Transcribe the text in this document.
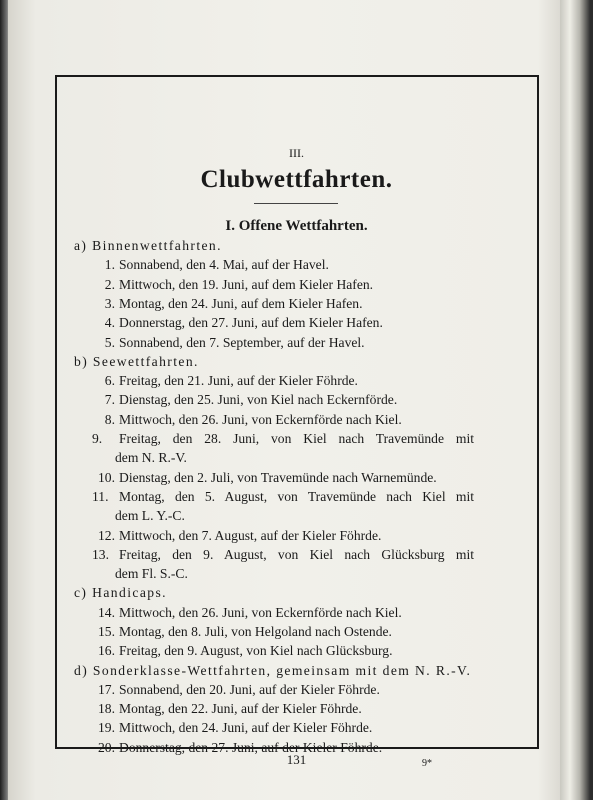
III.
Clubwettfahrten.
I. Offene Wettfahrten.
a) Binnenwettfahrten.
1. Sonnabend, den 4. Mai, auf der Havel.
2. Mittwoch, den 19. Juni, auf dem Kieler Hafen.
3. Montag, den 24. Juni, auf dem Kieler Hafen.
4. Donnerstag, den 27. Juni, auf dem Kieler Hafen.
5. Sonnabend, den 7. September, auf der Havel.
b) Seewettfahrten.
6. Freitag, den 21. Juni, auf der Kieler Föhrde.
7. Dienstag, den 25. Juni, von Kiel nach Eckernförde.
8. Mittwoch, den 26. Juni, von Eckernförde nach Kiel.
9. Freitag, den 28. Juni, von Kiel nach Travemünde mit
dem N. R.-V.
10. Dienstag, den 2. Juli, von Travemünde nach Warnemünde.
11. Montag, den 5. August, von Travemünde nach Kiel mit
dem L. Y.-C.
12. Mittwoch, den 7. August, auf der Kieler Föhrde.
13. Freitag, den 9. August, von Kiel nach Glücksburg mit
dem Fl. S.-C.
c) Handicaps.
14. Mittwoch, den 26. Juni, von Eckernförde nach Kiel.
15. Montag, den 8. Juli, von Helgoland nach Ostende.
16. Freitag, den 9. August, von Kiel nach Glücksburg.
d) Sonderklasse-Wettfahrten, gemeinsam mit dem N. R.-V.
17. Sonnabend, den 20. Juni, auf der Kieler Föhrde.
18. Montag, den 22. Juni, auf der Kieler Föhrde.
19. Mittwoch, den 24. Juni, auf der Kieler Föhrde.
20. Donnerstag, den 27. Juni, auf der Kieler Föhrde.
131	9*
